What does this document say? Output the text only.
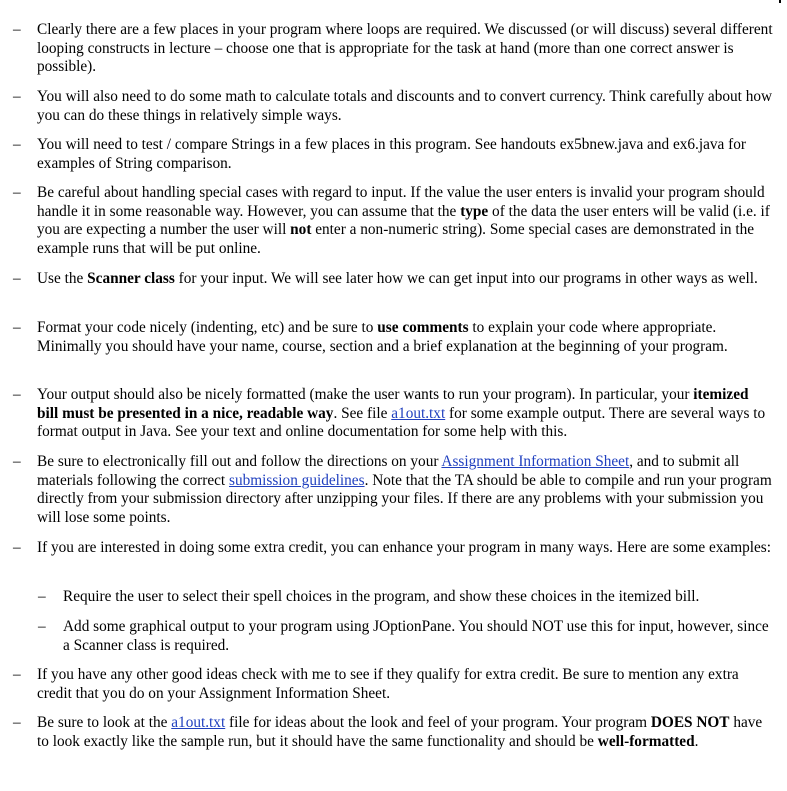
–	Clearly there are a few places in your program where loops are required. We discussed (or will discuss) several different looping constructs in lecture – choose one that is appropriate for the task at hand (more than one correct answer is possible).
–	You will also need to do some math to calculate totals and discounts and to convert currency. Think carefully about how you can do these things in relatively simple ways.
–	You will need to test / compare Strings in a few places in this program. See handouts ex5bnew.java and ex6.java for examples of String comparison.
–	Be careful about handling special cases with regard to input. If the value the user enters is invalid your program should handle it in some reasonable way. However, you can assume that the type of the data the user enters will be valid (i.e. if you are expecting a number the user will not enter a non-numeric string). Some special cases are demonstrated in the example runs that will be put online.
–	Use the Scanner class for your input. We will see later how we can get input into our programs in other ways as well.
–	Format your code nicely (indenting, etc) and be sure to use comments to explain your code where appropriate. Minimally you should have your name, course, section and a brief explanation at the beginning of your program.
–	Your output should also be nicely formatted (make the user wants to run your program). In particular, your itemized bill must be presented in a nice, readable way. See file a1out.txt for some example output. There are several ways to format output in Java. See your text and online documentation for some help with this.
–	Be sure to electronically fill out and follow the directions on your Assignment Information Sheet, and to submit all materials following the correct submission guidelines. Note that the TA should be able to compile and run your program directly from your submission directory after unzipping your files. If there are any problems with your submission you will lose some points.
–	If you are interested in doing some extra credit, you can enhance your program in many ways. Here are some examples:
–	Require the user to select their spell choices in the program, and show these choices in the itemized bill.
–	Add some graphical output to your program using JOptionPane. You should NOT use this for input, however, since a Scanner class is required.
–	If you have any other good ideas check with me to see if they qualify for extra credit. Be sure to mention any extra credit that you do on your Assignment Information Sheet.
–	Be sure to look at the a1out.txt file for ideas about the look and feel of your program. Your program DOES NOT have to look exactly like the sample run, but it should have the same functionality and should be well-formatted.
